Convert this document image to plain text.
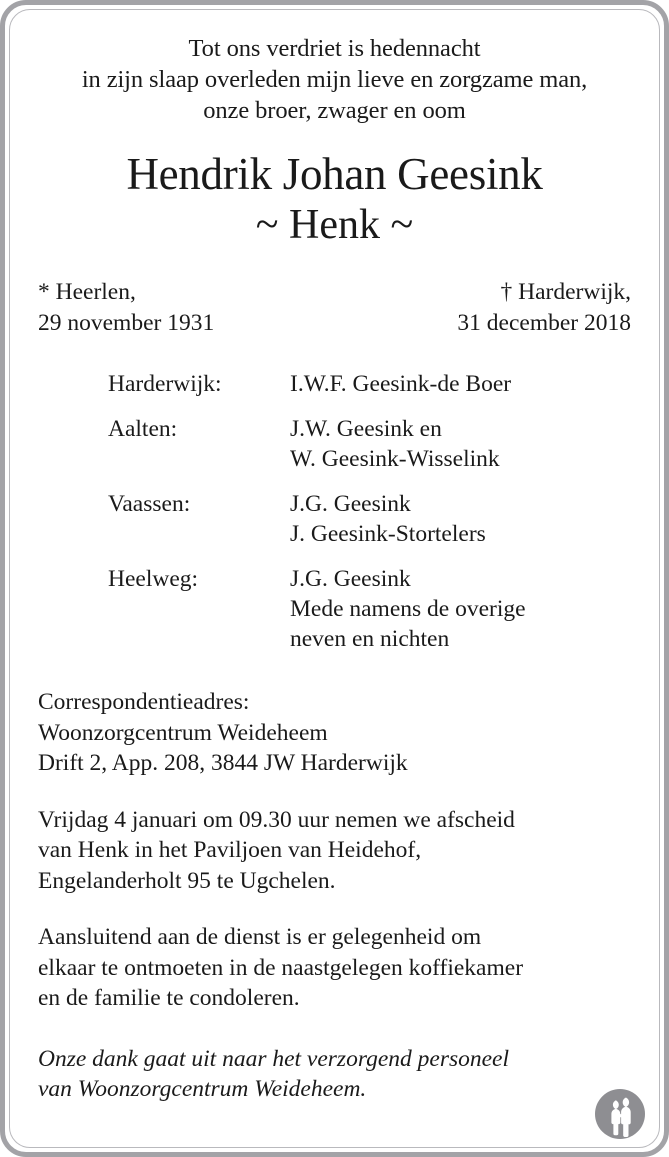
Tot ons verdriet is hedennacht
in zijn slaap overleden mijn lieve en zorgzame man,
onze broer, zwager en oom
Hendrik Johan Geesink
~ Henk ~
* Heerlen,
29 november 1931
† Harderwijk,
31 december 2018
Harderwijk:	I.W.F. Geesink-de Boer
Aalten:	J.W. Geesink en
W. Geesink-Wisselink
Vaassen:	J.G. Geesink
J. Geesink-Stortelers
Heelweg:	J.G. Geesink
Mede namens de overige
neven en nichten
Correspondentieadres:
Woonzorgcentrum Weideheem
Drift 2, App. 208, 3844 JW Harderwijk
Vrijdag 4 januari om 09.30 uur nemen we afscheid
van Henk in het Paviljoen van Heidehof,
Engelanderholt 95 te Ugchelen.
Aansluitend aan de dienst is er gelegenheid om
elkaar te ontmoeten in de naastgelegen koffiekamer
en de familie te condoleren.
Onze dank gaat uit naar het verzorgend personeel
van Woonzorgcentrum Weideheem.
